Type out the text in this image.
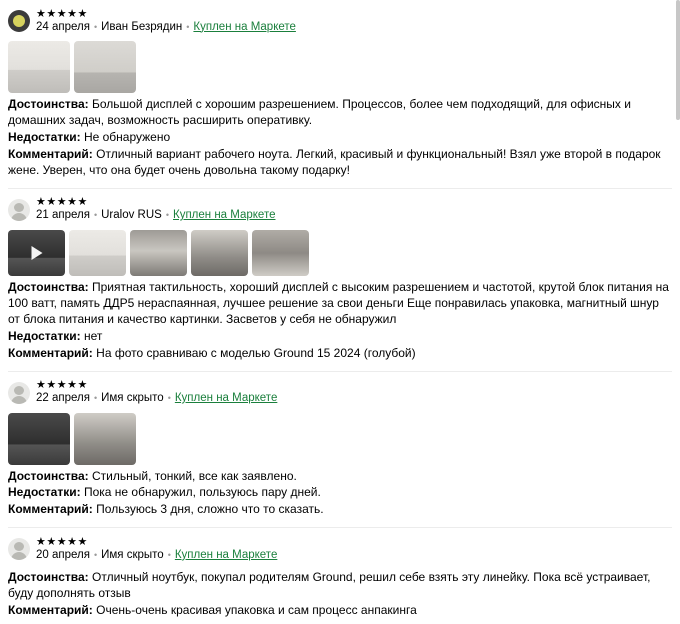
★★★★★
24 апреля • Иван Безрядин • Куплен на Маркете

Достоинства: Большой дисплей с хорошим разрешением. Процессов, более чем подходящий, для офисных и домашних задач, возможность расширить оперативку.

Недостатки: Не обнаружено

Комментарий: Отличный вариант рабочего ноута. Легкий, красивый и функциональный! Взял уже второй в подарок жене. Уверен, что она будет очень довольна такому подарку!

★★★★★
21 апреля • Uralov RUS • Куплен на Маркете

Достоинства: Приятная тактильность, хороший дисплей с высоким разрешением и частотой, крутой блок питания на 100 ватт, память ДДР5 нераспаянная, лучшее решение за свои деньги Еще понравилась упаковка, магнитный шнур от блока питания и качество картинки. Засветов у себя не обнаружил

Недостатки: нет

Комментарий: На фото сравниваю с моделью Ground 15 2024 (голубой)

★★★★★
22 апреля • Имя скрыто • Куплен на Маркете

Достоинства: Стильный, тонкий, все как заявлено.

Недостатки: Пока не обнаружил, пользуюсь пару дней.

Комментарий: Пользуюсь 3 дня, сложно что то сказать.

★★★★★
20 апреля • Имя скрыто • Куплен на Маркете

Достоинства: Отличный ноутбук, покупал родителям Ground, решил себе взять эту линейку. Пока всё устраивает, буду дополнять отзыв

Комментарий: Очень-очень красивая упаковка и сам процесс анпакинга
